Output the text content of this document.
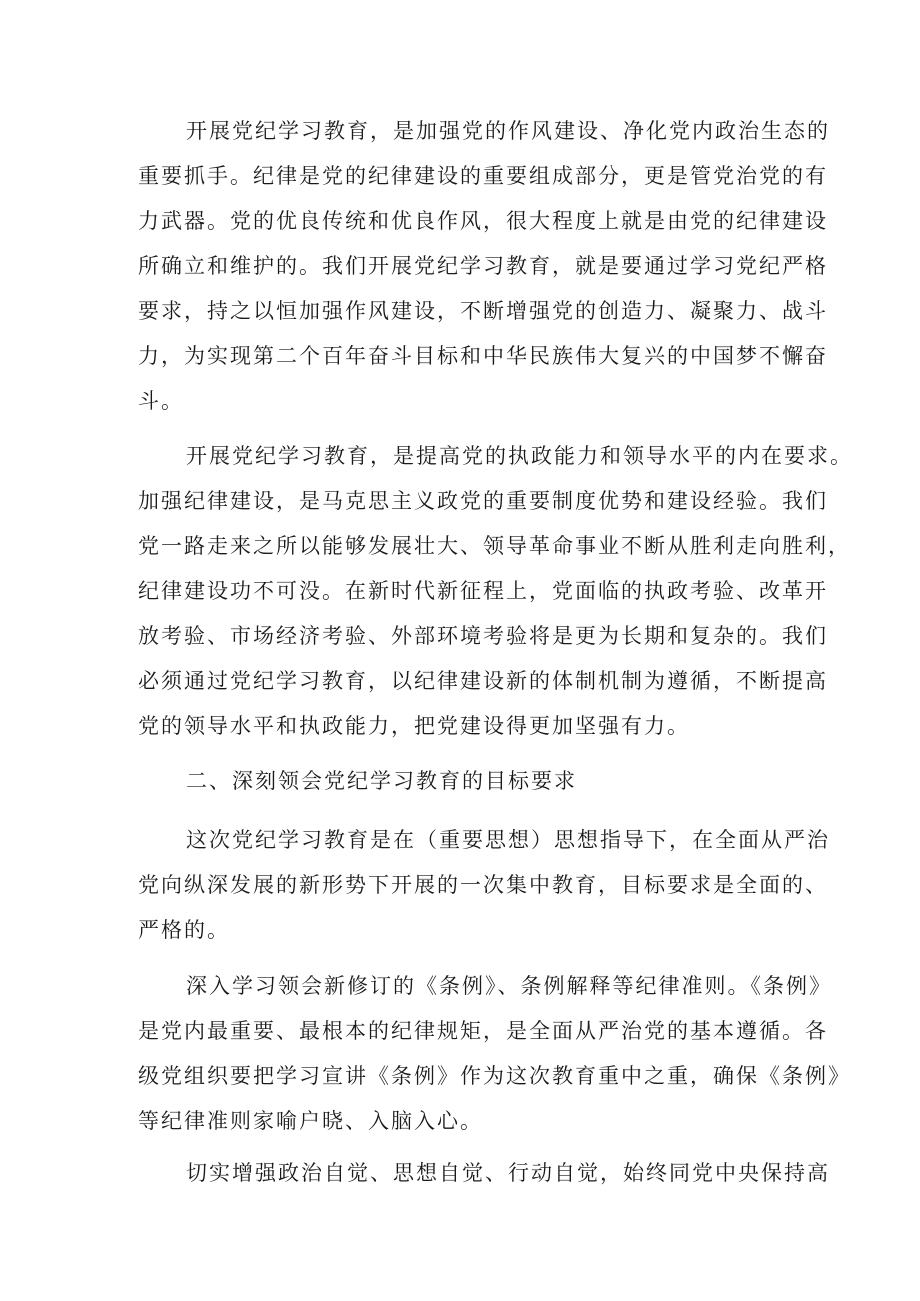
开展党纪学习教育，是加强党的作风建设、净化党内政治生态的
重要抓手。纪律是党的纪律建设的重要组成部分，更是管党治党的有
力武器。党的优良传统和优良作风，很大程度上就是由党的纪律建设
所确立和维护的。我们开展党纪学习教育，就是要通过学习党纪严格
要求，持之以恒加强作风建设，不断增强党的创造力、凝聚力、战斗
力，为实现第二个百年奋斗目标和中华民族伟大复兴的中国梦不懈奋
斗。
开展党纪学习教育，是提高党的执政能力和领导水平的内在要求。
加强纪律建设，是马克思主义政党的重要制度优势和建设经验。我们
党一路走来之所以能够发展壮大、领导革命事业不断从胜利走向胜利，
纪律建设功不可没。在新时代新征程上，党面临的执政考验、改革开
放考验、市场经济考验、外部环境考验将是更为长期和复杂的。我们
必须通过党纪学习教育，以纪律建设新的体制机制为遵循，不断提高
党的领导水平和执政能力，把党建设得更加坚强有力。
二、深刻领会党纪学习教育的目标要求
这次党纪学习教育是在（重要思想）思想指导下，在全面从严治
党向纵深发展的新形势下开展的一次集中教育，目标要求是全面的、
严格的。
深入学习领会新修订的《条例》、条例解释等纪律准则。《条例》
是党内最重要、最根本的纪律规矩，是全面从严治党的基本遵循。各
级党组织要把学习宣讲《条例》作为这次教育重中之重，确保《条例》
等纪律准则家喻户晓、入脑入心。
切实增强政治自觉、思想自觉、行动自觉，始终同党中央保持高
